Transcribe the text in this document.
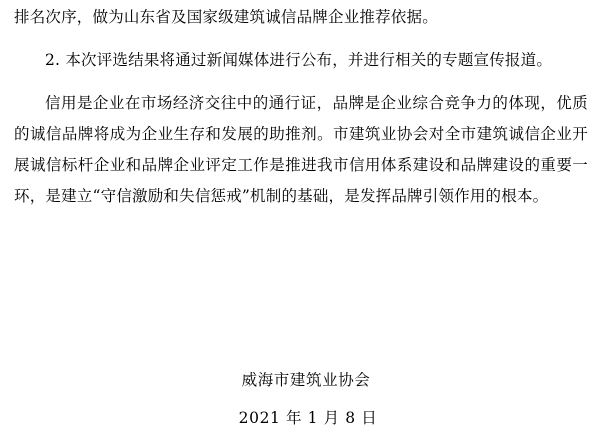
排名次序，做为山东省及国家级建筑诚信品牌企业推荐依据。

2. 本次评选结果将通过新闻媒体进行公布，并进行相关的专题宣传报道。

信用是企业在市场经济交往中的通行证，品牌是企业综合竞争力的体现，优质的诚信品牌将成为企业生存和发展的助推剂。市建筑业协会对全市建筑诚信企业开展诚信标杆企业和品牌企业评定工作是推进我市信用体系建设和品牌建设的重要一环，是建立“守信激励和失信惩戒”机制的基础，是发挥品牌引领作用的根本。

威海市建筑业协会
2021 年 1 月 8 日
